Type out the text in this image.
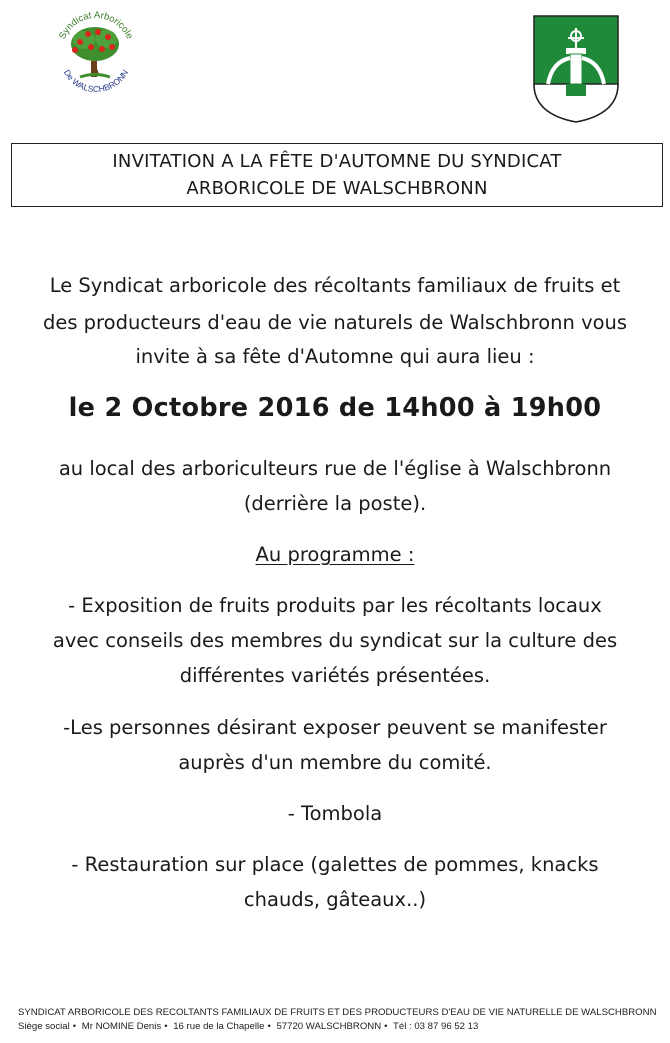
Syndicat Arboricole
De WALSCHBRONN
INVITATION A LA FÊTE D'AUTOMNE DU SYNDICAT
ARBORICOLE DE WALSCHBRONN
Le Syndicat arboricole des récoltants familiaux de fruits et
des producteurs d'eau de vie naturels de Walschbronn vous
invite à sa fête d'Automne qui aura lieu :
le 2 Octobre 2016 de 14h00 à 19h00
au local des arboriculteurs rue de l'église à Walschbronn
(derrière la poste).
Au programme :
- Exposition de fruits produits par les récoltants locaux
avec conseils des membres du syndicat sur la culture des
différentes variétés présentées.
-Les personnes désirant exposer peuvent se manifester
auprès d'un membre du comité.
- Tombola
- Restauration sur place (galettes de pommes, knacks
chauds, gâteaux..)
SYNDICAT ARBORICOLE DES RECOLTANTS FAMILIAUX DE FRUITS ET DES PRODUCTEURS D'EAU DE VIE NATURELLE DE WALSCHBRONN
Siège social • Mr NOMINE Denis • 16 rue de la Chapelle • 57720 WALSCHBRONN • Tél : 03 87 96 52 13
